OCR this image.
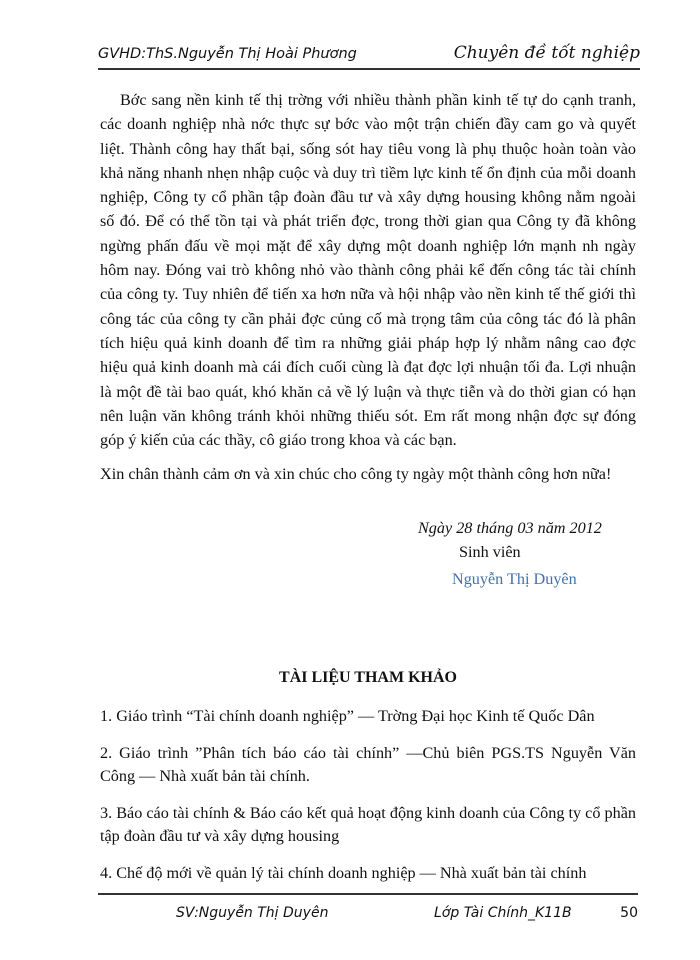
GVHD:ThS.Nguyễn Thị Hoài Phương	Chuyên đề tốt nghiệp

Bớc sang nền kinh tế thị trờng với nhiều thành phần kinh tế tự do cạnh tranh, các doanh nghiệp nhà nớc thực sự bớc vào một trận chiến đầy cam go và quyết liệt. Thành công hay thất bại, sống sót hay tiêu vong là phụ thuộc hoàn toàn vào khả năng nhanh nhẹn nhập cuộc và duy trì tiềm lực kinh tế ổn định của mỗi doanh nghiệp, Công ty cổ phần tập đoàn đầu tư và xây dựng housing không nằm ngoài số đó. Để có thể tồn tại và phát triển đợc, trong thời gian qua Công ty đã không ngừng phấn đấu về mọi mặt để xây dựng một doanh nghiệp lớn mạnh nh ngày hôm nay. Đóng vai trò không nhỏ vào thành công phải kể đến công tác tài chính của công ty. Tuy nhiên để tiến xa hơn nữa và hội nhập vào nền kinh tế thế giới thì công tác của công ty cần phải đợc củng cố mà trọng tâm của công tác đó là phân tích hiệu quả kinh doanh để tìm ra những giải pháp hợp lý nhằm nâng cao đợc hiệu quả kinh doanh mà cái đích cuối cùng là đạt đợc lợi nhuận tối đa. Lợi nhuận là một đề tài bao quát, khó khăn cả về lý luận và thực tiễn và do thời gian có hạn nên luận văn không tránh khỏi những thiếu sót. Em rất mong nhận đợc sự đóng góp ý kiến của các thầy, cô giáo trong khoa và các bạn.

Xin chân thành cảm ơn và xin chúc cho công ty ngày một thành công hơn nữa!

Ngày 28 tháng 03 năm 2012
Sinh viên
Nguyễn Thị Duyên
TÀI LIỆU THAM KHẢO
1. Giáo trình “Tài chính doanh nghiệp” — Trờng Đại học Kinh tế Quốc Dân
2. Giáo trình ”Phân tích báo cáo tài chính” —Chủ biên PGS.TS Nguyễn Văn Công — Nhà xuất bản tài chính.
3. Báo cáo tài chính & Báo cáo kết quả hoạt động kinh doanh của Công ty cổ phần tập đoàn đầu tư và xây dựng housing
4. Chế độ mới về quản lý tài chính doanh nghiệp — Nhà xuất bản tài chính
SV:Nguyễn Thị Duyên	Lớp Tài Chính_K11B	50
